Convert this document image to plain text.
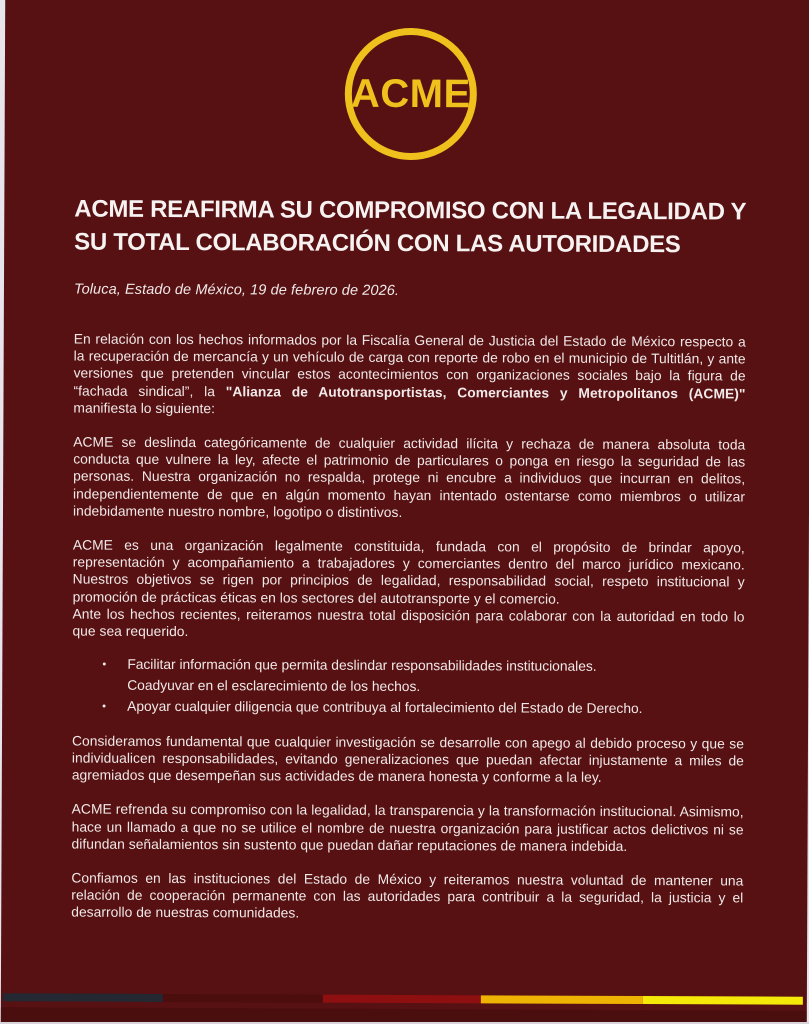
ACME
ACME REAFIRMA SU COMPROMISO CON LA LEGALIDAD Y SU TOTAL COLABORACIÓN CON LAS AUTORIDADES
Toluca, Estado de México, 19 de febrero de 2026.

En relación con los hechos informados por la Fiscalía General de Justicia del Estado de México respecto a la recuperación de mercancía y un vehículo de carga con reporte de robo en el municipio de Tultitlán, y ante versiones que pretenden vincular estos acontecimientos con organizaciones sociales bajo la figura de “fachada sindical”, la "Alianza de Autotransportistas, Comerciantes y Metropolitanos (ACME)" manifiesta lo siguiente:

ACME se deslinda categóricamente de cualquier actividad ilícita y rechaza de manera absoluta toda conducta que vulnere la ley, afecte el patrimonio de particulares o ponga en riesgo la seguridad de las personas. Nuestra organización no respalda, protege ni encubre a individuos que incurran en delitos, independientemente de que en algún momento hayan intentado ostentarse como miembros o utilizar indebidamente nuestro nombre, logotipo o distintivos.

ACME es una organización legalmente constituida, fundada con el propósito de brindar apoyo, representación y acompañamiento a trabajadores y comerciantes dentro del marco jurídico mexicano. Nuestros objetivos se rigen por principios de legalidad, responsabilidad social, respeto institucional y promoción de prácticas éticas en los sectores del autotransporte y el comercio.

Ante los hechos recientes, reiteramos nuestra total disposición para colaborar con la autoridad en todo lo que sea requerido.

•	Facilitar información que permita deslindar responsabilidades institucionales.
Coadyuvar en el esclarecimiento de los hechos.
•	Apoyar cualquier diligencia que contribuya al fortalecimiento del Estado de Derecho.

Consideramos fundamental que cualquier investigación se desarrolle con apego al debido proceso y que se individualicen responsabilidades, evitando generalizaciones que puedan afectar injustamente a miles de agremiados que desempeñan sus actividades de manera honesta y conforme a la ley.

ACME refrenda su compromiso con la legalidad, la transparencia y la transformación institucional. Asimismo, hace un llamado a que no se utilice el nombre de nuestra organización para justificar actos delictivos ni se difundan señalamientos sin sustento que puedan dañar reputaciones de manera indebida.

Confiamos en las instituciones del Estado de México y reiteramos nuestra voluntad de mantener una relación de cooperación permanente con las autoridades para contribuir a la seguridad, la justicia y el desarrollo de nuestras comunidades.
